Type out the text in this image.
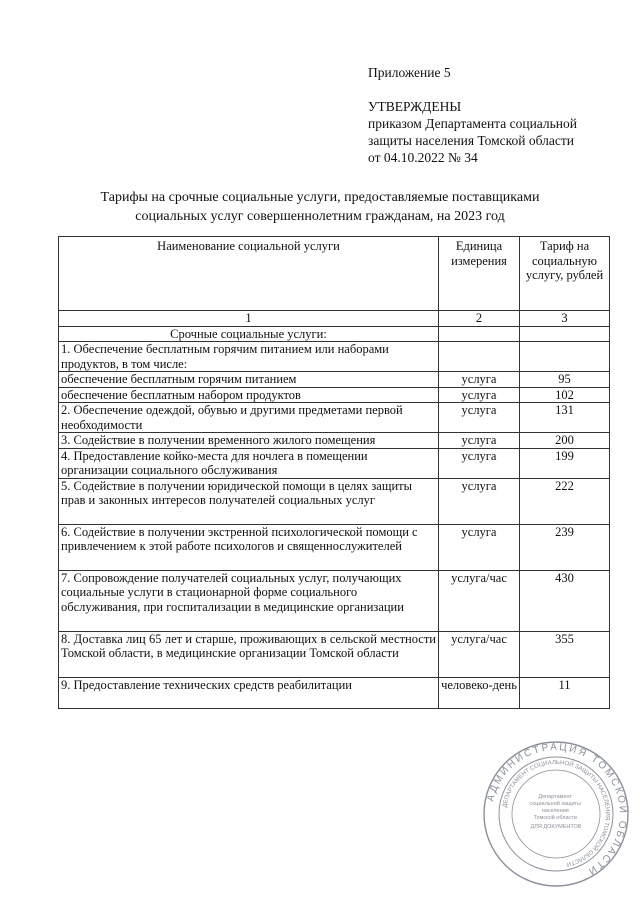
Приложение 5
УТВЕРЖДЕНЫ
приказом Департамента социальной
защиты населения Томской области
от 04.10.2022 № 34
Тарифы на срочные социальные услуги, предоставляемые поставщиками
социальных услуг совершеннолетним гражданам, на 2023 год
Наименование социальной услуги	Единица измерения	Тариф на социальную услугу, рублей
1	2	3
Срочные социальные услуги:		
1. Обеспечение бесплатным горячим питанием или наборами продуктов, в том числе:		
обеспечение бесплатным горячим питанием	услуга	95
обеспечение бесплатным набором продуктов	услуга	102
2. Обеспечение одеждой, обувью и другими предметами первой необходимости	услуга	131
3. Содействие в получении временного жилого помещения	услуга	200
4. Предоставление койко-места для ночлега в помещении организации социального обслуживания	услуга	199
5. Содействие в получении юридической помощи в целях защиты прав и законных интересов получателей социальных услуг	услуга	222
6. Содействие в получении экстренной психологической помощи с привлечением к этой работе психологов и священнослужителей	услуга	239
7. Сопровождение получателей социальных услуг, получающих социальные услуги в стационарной форме социального обслуживания, при госпитализации в медицинские организации	услуга/час	430
8. Доставка лиц 65 лет и старше, проживающих в сельской местности Томской области, в медицинские организации Томской области	услуга/час	355
9. Предоставление технических средств реабилитации	человеко-день	11
АДМИНИСТРАЦИЯ ТОМСКОЙ ОБЛАСТИ
ДЕПАРТАМЕНТ СОЦИАЛЬНОЙ ЗАЩИТЫ НАСЕЛЕНИЯ ТОМСКОЙ ОБЛАСТИ
Департамент социальной защиты населения Томской области ДЛЯ ДОКУМЕНТОВ
